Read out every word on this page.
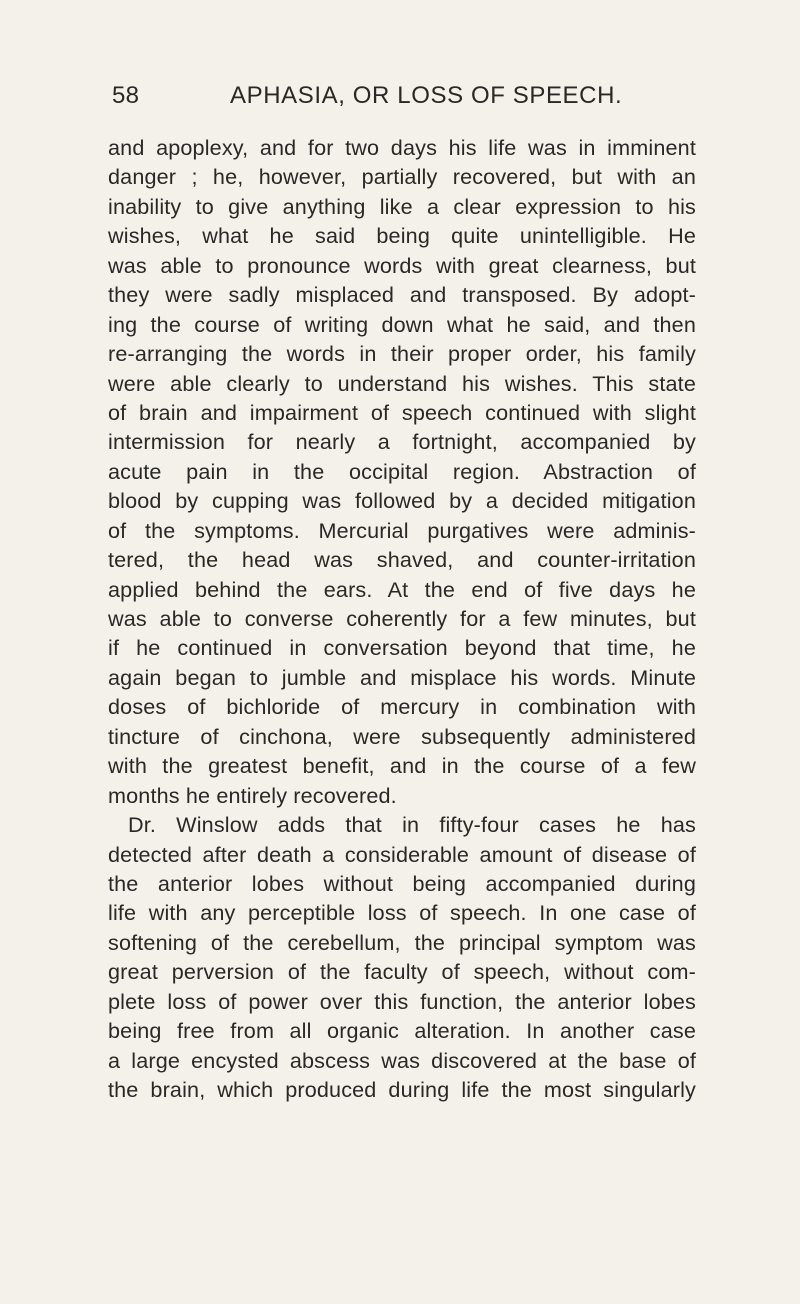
58	APHASIA, OR LOSS OF SPEECH.
and apoplexy, and for two days his life was in imminent
danger ; he, however, partially recovered, but with an
inability to give anything like a clear expression to his
wishes, what he said being quite unintelligible. He
was able to pronounce words with great clearness, but
they were sadly misplaced and transposed. By adopt-
ing the course of writing down what he said, and then
re-arranging the words in their proper order, his family
were able clearly to understand his wishes. This state
of brain and impairment of speech continued with slight
intermission for nearly a fortnight, accompanied by
acute pain in the occipital region. Abstraction of
blood by cupping was followed by a decided mitigation
of the symptoms. Mercurial purgatives were adminis-
tered, the head was shaved, and counter-irritation
applied behind the ears. At the end of five days he
was able to converse coherently for a few minutes, but
if he continued in conversation beyond that time, he
again began to jumble and misplace his words. Minute
doses of bichloride of mercury in combination with
tincture of cinchona, were subsequently administered
with the greatest benefit, and in the course of a few
months he entirely recovered.
Dr. Winslow adds that in fifty-four cases he has
detected after death a considerable amount of disease of
the anterior lobes without being accompanied during
life with any perceptible loss of speech. In one case of
softening of the cerebellum, the principal symptom was
great perversion of the faculty of speech, without com-
plete loss of power over this function, the anterior lobes
being free from all organic alteration. In another case
a large encysted abscess was discovered at the base of
the brain, which produced during life the most singularly
